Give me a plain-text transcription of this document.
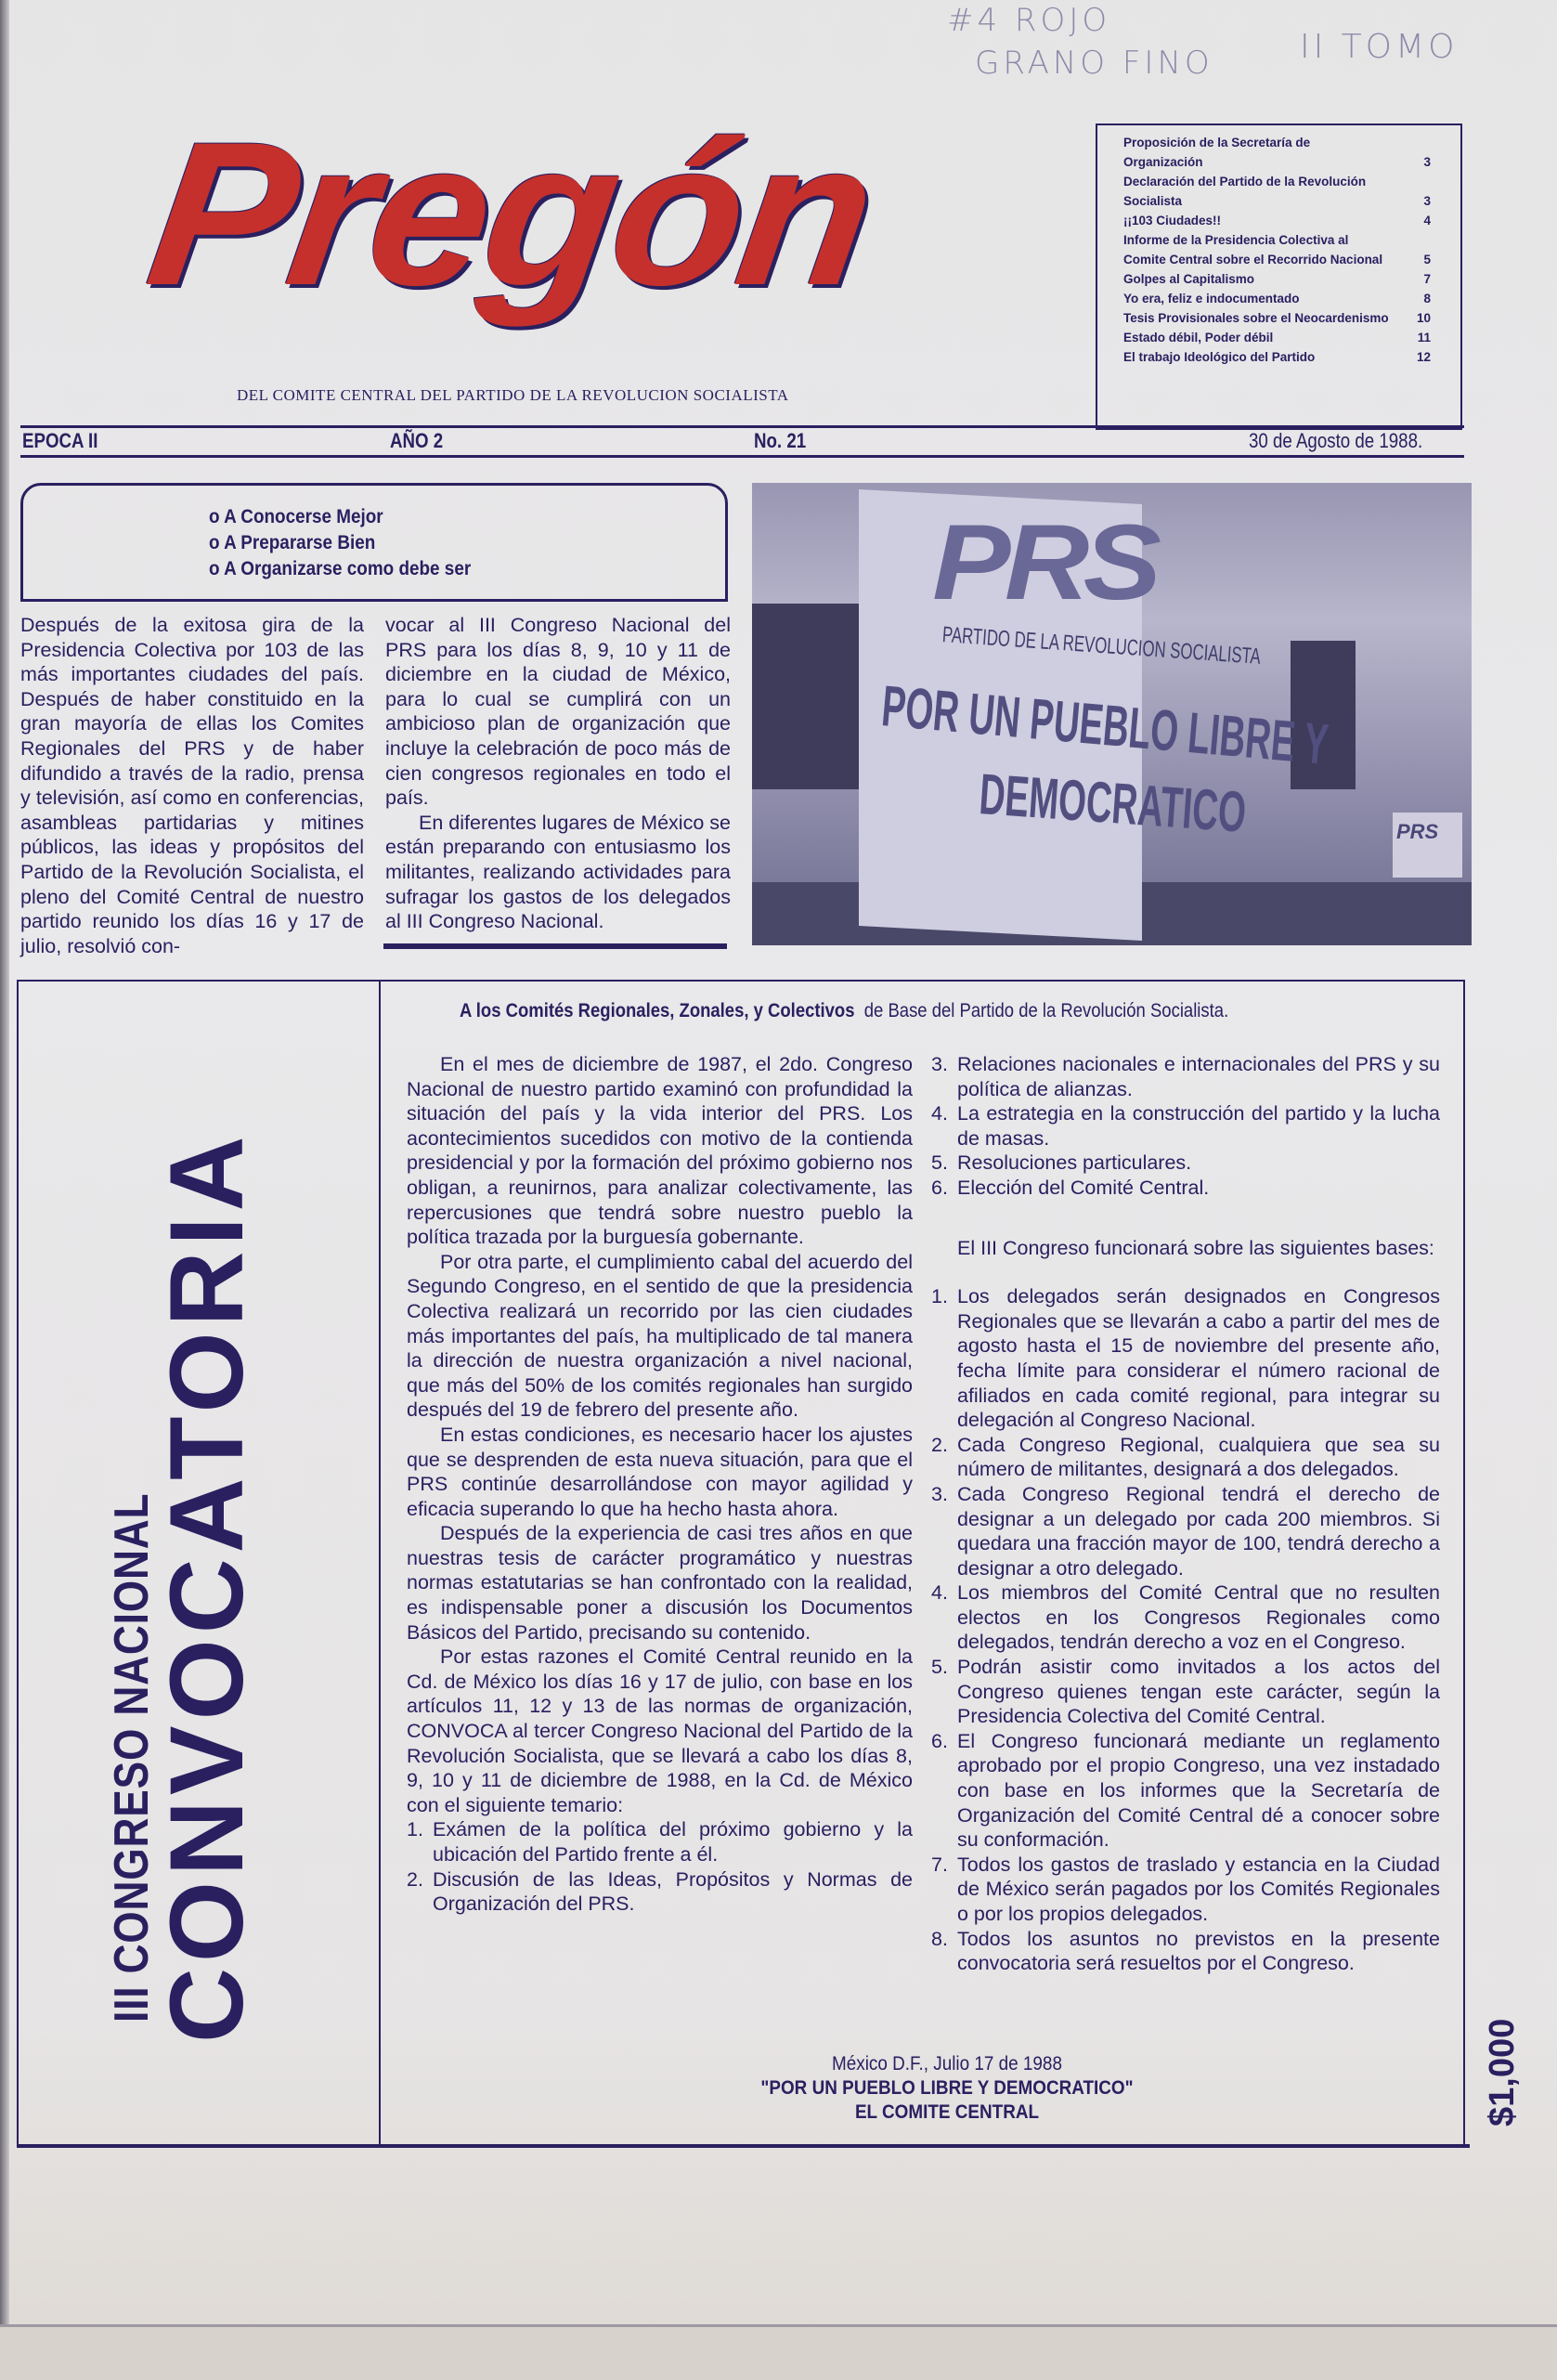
#4 ROJO
GRANO FINO	II TOMO
Pregón
DEL COMITE CENTRAL DEL PARTIDO DE LA REVOLUCION SOCIALISTA
Proposición de la Secretaría de Organización	3
Declaración del Partido de la Revolución Socialista	3
¡¡103 Ciudades!!	4
Informe de la Presidencia Colectiva al Comite Central sobre el Recorrido Nacional	5
Golpes al Capitalismo	7
Yo era, feliz e indocumentado	8
Tesis Provisionales sobre el Neocardenismo	10
Estado débil, Poder débil	11
El trabajo Ideológico del Partido	12
EPOCA II	AÑO 2	No. 21	30 de Agosto de 1988.
o A Conocerse Mejor
o A Prepararse Bien
o A Organizarse como debe ser

Después de la exitosa gira de la Presidencia Colectiva por 103 de las más importantes ciudades del país. Después de haber constituido en la gran mayoría de ellas los Comites Regionales del PRS y de haber difundido a través de la radio, prensa y televisión, así como en conferencias, asambleas partidarias y mitines públicos, las ideas y propósitos del Partido de la Revolución Socialista, el pleno del Comité Central de nuestro partido reunido los días 16 y 17 de julio, resolvió con-

vocar al III Congreso Nacional del PRS para los días 8, 9, 10 y 11 de diciembre en la ciudad de México, para lo cual se cumplirá con un ambicioso plan de organización que incluye la celebración de poco más de cien congresos regionales en todo el país.

En diferentes lugares de México se están preparando con entusiasmo los militantes, realizando actividades para sufragar los gastos de los delegados al III Congreso Nacional.

PRS
PARTIDO DE LA REVOLUCION SOCIALISTA
POR UN PUEBLO LIBRE Y
DEMOCRATICO	PRS
III CONGRESO NACIONAL
CONVOCATORIA
A los Comités Regionales, Zonales, y Colectivos de Base del Partido de la Revolución Socialista.

En el mes de diciembre de 1987, el 2do. Congreso Nacional de nuestro partido examinó con profundidad la situación del país y la vida interior del PRS. Los acontecimientos sucedidos con motivo de la contienda presidencial y por la formación del próximo gobierno nos obligan, a reunirnos, para analizar colectivamente, las repercusiones que tendrá sobre nuestro pueblo la política trazada por la burguesía gobernante.

Por otra parte, el cumplimiento cabal del acuerdo del Segundo Congreso, en el sentido de que la presidencia Colectiva realizará un recorrido por las cien ciudades más importantes del país, ha multiplicado de tal manera la dirección de nuestra organización a nivel nacional, que más del 50% de los comités regionales han surgido después del 19 de febrero del presente año.

En estas condiciones, es necesario hacer los ajustes que se desprenden de esta nueva situación, para que el PRS continúe desarrollándose con mayor agilidad y eficacia superando lo que ha hecho hasta ahora.

Después de la experiencia de casi tres años en que nuestras tesis de carácter programático y nuestras normas estatutarias se han confrontado con la realidad, es indispensable poner a discusión los Documentos Básicos del Partido, precisando su contenido.

Por estas razones el Comité Central reunido en la Cd. de México los días 16 y 17 de julio, con base en los artículos 11, 12 y 13 de las normas de organización, CONVOCA al tercer Congreso Nacional del Partido de la Revolución Socialista, que se llevará a cabo los días 8, 9, 10 y 11 de diciembre de 1988, en la Cd. de México con el siguiente temario:

1. Exámen de la política del próximo gobierno y la ubicación del Partido frente a él.
2. Discusión de las Ideas, Propósitos y Normas de Organización del PRS.
3. Relaciones nacionales e internacionales del PRS y su política de alianzas.
4. La estrategia en la construcción del partido y la lucha de masas.
5. Resoluciones particulares.
6. Elección del Comité Central.

El III Congreso funcionará sobre las siguientes bases:

1. Los delegados serán designados en Congresos Regionales que se llevarán a cabo a partir del mes de agosto hasta el 15 de noviembre del presente año, fecha límite para considerar el número racional de afiliados en cada comité regional, para integrar su delegación al Congreso Nacional.
2. Cada Congreso Regional, cualquiera que sea su número de militantes, designará a dos delegados.
3. Cada Congreso Regional tendrá el derecho de designar a un delegado por cada 200 miembros. Si quedara una fracción mayor de 100, tendrá derecho a designar a otro delegado.
4. Los miembros del Comité Central que no resulten electos en los Congresos Regionales como delegados, tendrán derecho a voz en el Congreso.
5. Podrán asistir como invitados a los actos del Congreso quienes tengan este carácter, según la Presidencia Colectiva del Comité Central.
6. El Congreso funcionará mediante un reglamento aprobado por el propio Congreso, una vez instadado con base en los informes que la Secretaría de Organización del Comité Central dé a conocer sobre su conformación.
7. Todos los gastos de traslado y estancia en la Ciudad de México serán pagados por los Comités Regionales o por los propios delegados.
8. Todos los asuntos no previstos en la presente convocatoria será resueltos por el Congreso.
México D.F., Julio 17 de 1988
"POR UN PUEBLO LIBRE Y DEMOCRATICO"
EL COMITE CENTRAL	$1,000
